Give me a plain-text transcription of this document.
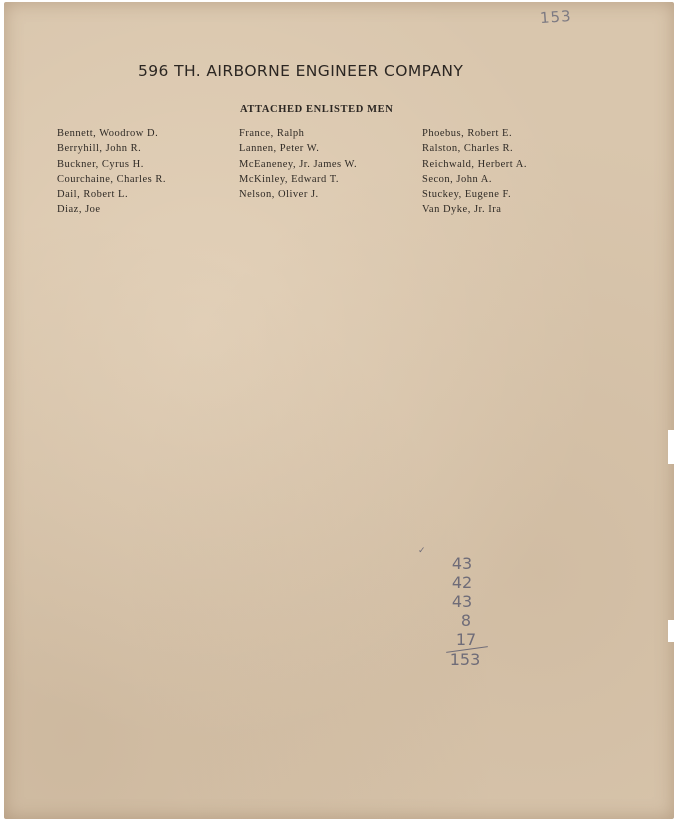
153
596 TH. AIRBORNE ENGINEER COMPANY
ATTACHED ENLISTED MEN
Bennett, Woodrow D.
Berryhill, John R.
Buckner, Cyrus H.
Courchaine, Charles R.
Dail, Robert L.
Diaz, Joe
France, Ralph
Lannen, Peter W.
McEaneney, Jr. James W.
McKinley, Edward T.
Nelson, Oliver J.
Phoebus, Robert E.
Ralston, Charles R.
Reichwald, Herbert A.
Secon, John A.
Stuckey, Eugene F.
Van Dyke, Jr. Ira
✓
43
42
43
8
17
153
